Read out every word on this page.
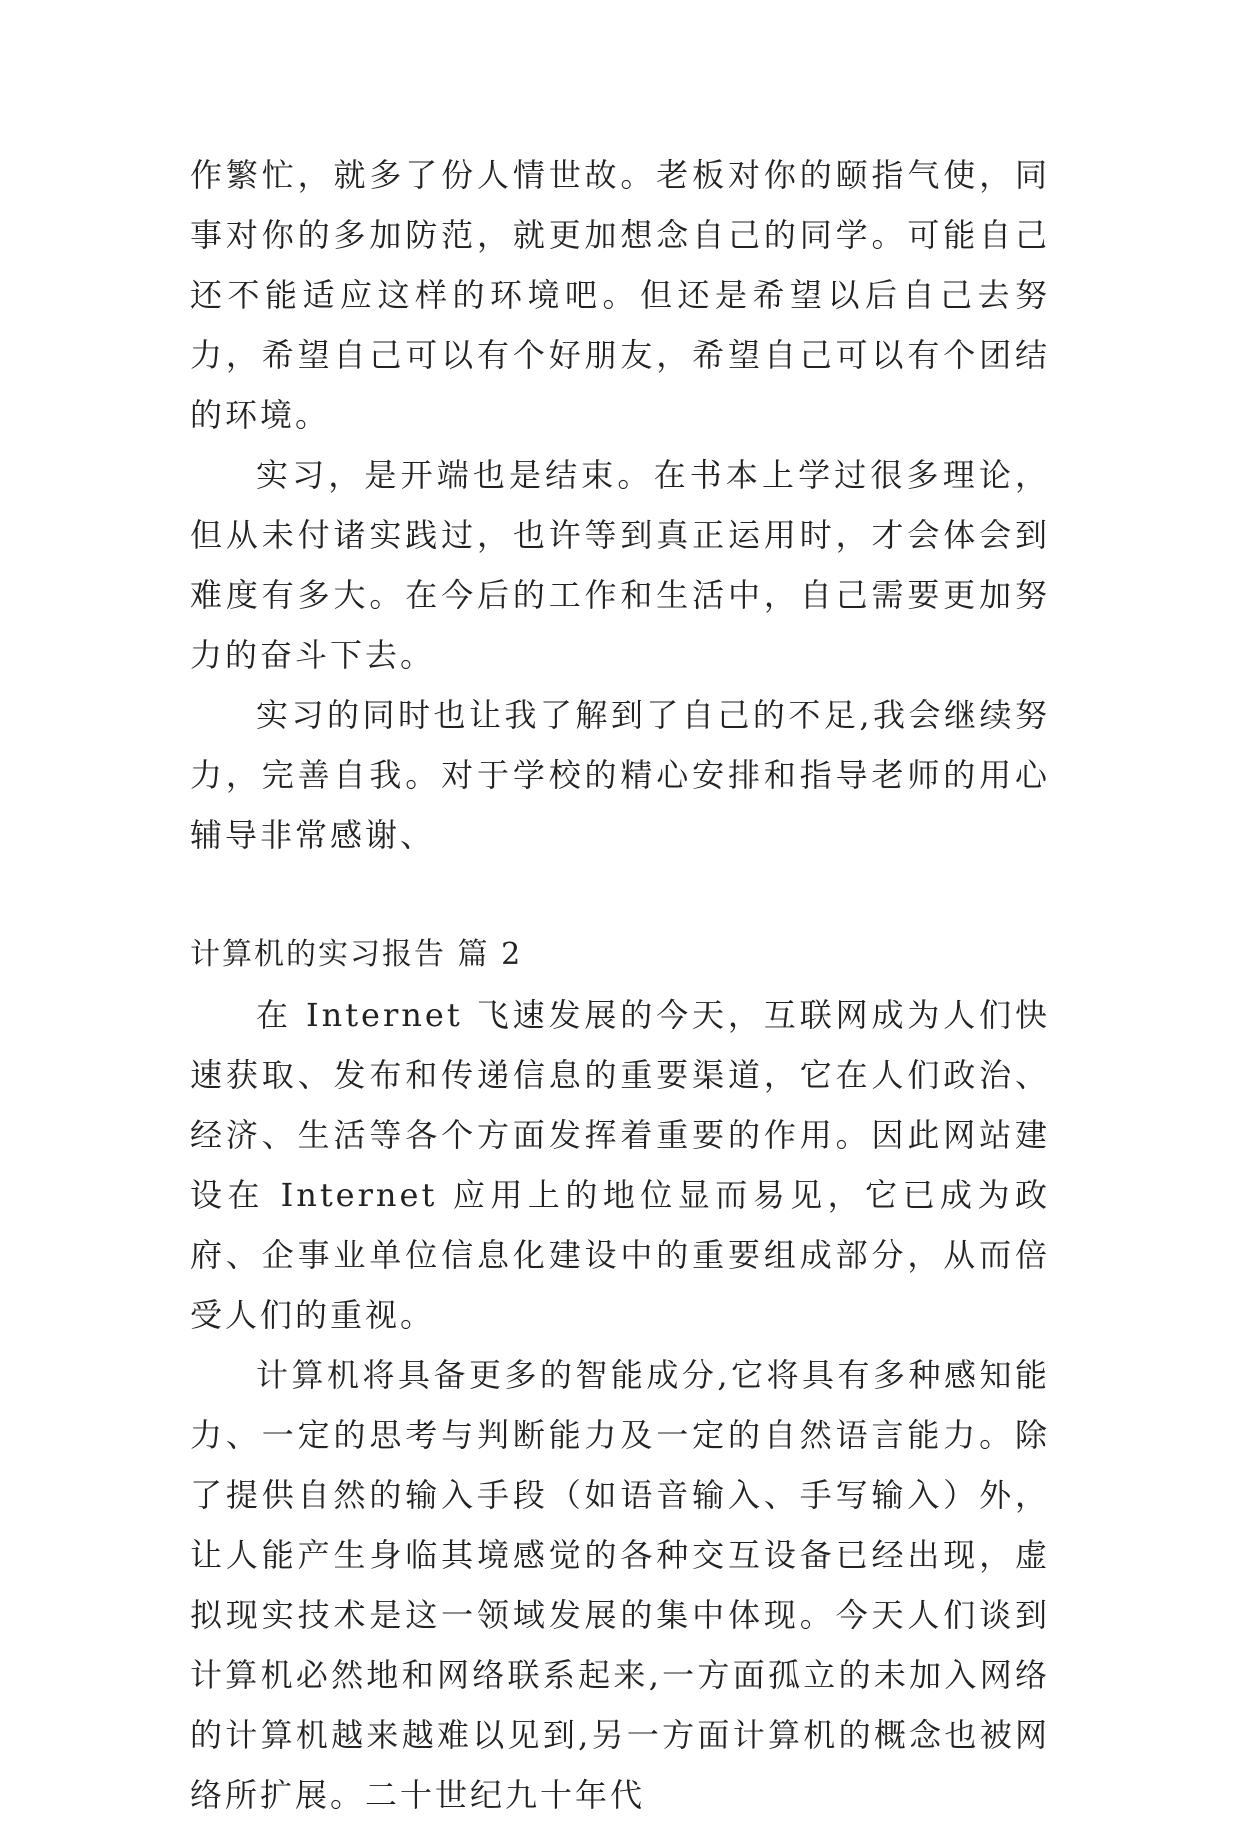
作繁忙，就多了份人情世故。老板对你的颐指气使，同事对你的多加防范，就更加想念自己的同学。可能自己还不能适应这样的环境吧。但还是希望以后自己去努力，希望自己可以有个好朋友，希望自己可以有个团结的环境。

实习，是开端也是结束。在书本上学过很多理论，但从未付诸实践过，也许等到真正运用时，才会体会到难度有多大。在今后的工作和生活中，自己需要更加努力的奋斗下去。

实习的同时也让我了解到了自己的不足,我会继续努力，完善自我。对于学校的精心安排和指导老师的用心辅导非常感谢、

计算机的实习报告 篇 2

在 Internet 飞速发展的今天，互联网成为人们快速获取、发布和传递信息的重要渠道，它在人们政治、经济、生活等各个方面发挥着重要的作用。因此网站建设在 Internet 应用上的地位显而易见，它已成为政府、企事业单位信息化建设中的重要组成部分，从而倍受人们的重视。

计算机将具备更多的智能成分,它将具有多种感知能力、一定的思考与判断能力及一定的自然语言能力。除了提供自然的输入手段（如语音输入、手写输入）外，让人能产生身临其境感觉的各种交互设备已经出现，虚拟现实技术是这一领域发展的集中体现。今天人们谈到计算机必然地和网络联系起来,一方面孤立的未加入网络的计算机越来越难以见到,另一方面计算机的概念也被网络所扩展。二十世纪九十年代
